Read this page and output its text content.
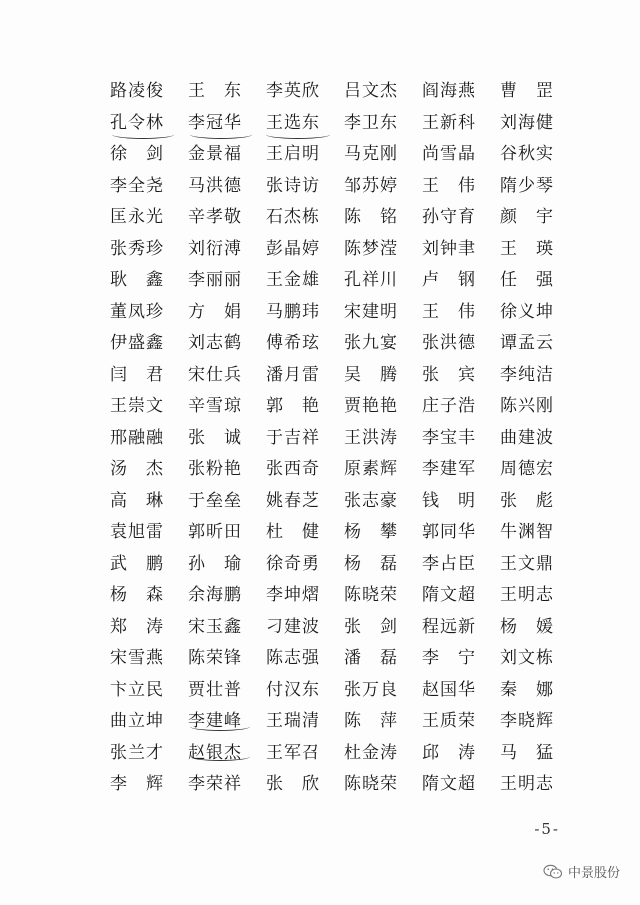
路凌俊	王　东	李英欣	吕文杰	阎海燕	曹　罡
孔令林	李冠华	王选东	李卫东	王新科	刘海健
徐　剑	金景福	王启明	马克刚	尚雪晶	谷秋实
李全尧	马洪德	张诗访	邹苏婷	王　伟	隋少琴
匡永光	辛孝敬	石杰栋	陈　铭	孙守育	颜　宇
张秀珍	刘衍溥	彭晶婷	陈梦滢	刘钟聿	王　瑛
耿　鑫	李丽丽	王金雄	孔祥川	卢　钢	任　强
董凤珍	方　娟	马鹏玮	宋建明	王　伟	徐义坤
伊盛鑫	刘志鹤	傅希玹	张九宴	张洪德	谭孟云
闫　君	宋仕兵	潘月雷	吴　腾	张　宾	李纯洁
王崇文	辛雪琼	郭　艳	贾艳艳	庄子浩	陈兴刚
邢融融	张　诚	于吉祥	王洪涛	李宝丰	曲建波
汤　杰	张粉艳	张西奇	原素辉	李建军	周德宏
高　琳	于垒垒	姚春芝	张志豪	钱　明	张　彪
袁旭雷	郭昕田	杜　健	杨　攀	郭同华	牛渊智
武　鹏	孙　瑜	徐奇勇	杨　磊	李占臣	王文鼎
杨　森	余海鹏	李坤熠	陈晓荣	隋文超	王明志
郑　涛	宋玉鑫	刁建波	张　剑	程远新	杨　媛
宋雪燕	陈荣锋	陈志强	潘　磊	李　宁	刘文栋
卞立民	贾壮普	付汉东	张万良	赵国华	秦　娜
曲立坤	李建峰	王瑞清	陈　萍	王质荣	李晓辉
张兰才	赵银杰	王军召	杜金涛	邱　涛	马　猛
李　辉	李荣祥	张　欣	陈晓荣	隋文超	王明志
-5-
中景股份
